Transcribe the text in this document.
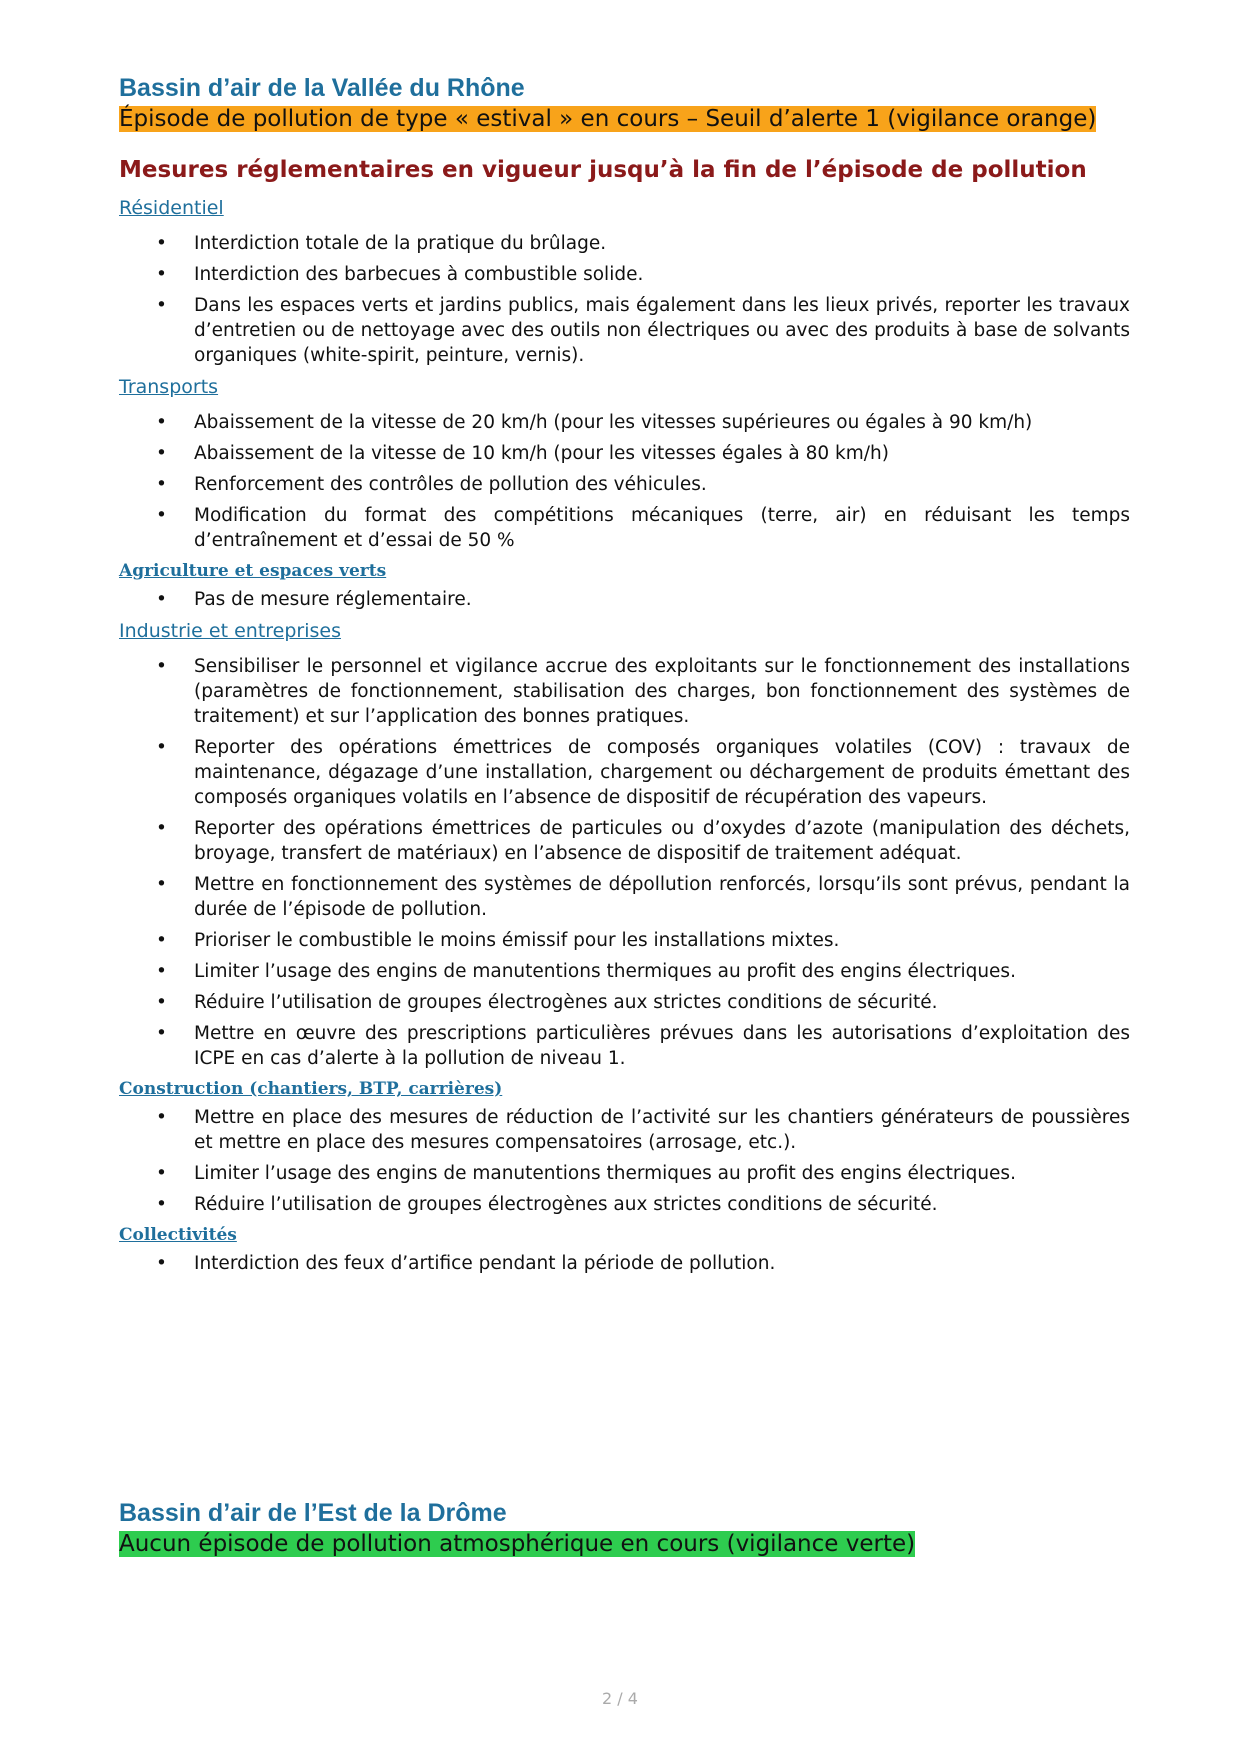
Bassin d’air de la Vallée du Rhône

Épisode de pollution de type « estival » en cours – Seuil d’alerte 1 (vigilance orange)

Mesures réglementaires en vigueur jusqu’à la fin de l’épisode de pollution

Résidentiel

• Interdiction totale de la pratique du brûlage.
• Interdiction des barbecues à combustible solide.
• Dans les espaces verts et jardins publics, mais également dans les lieux privés, reporter les travaux d’entretien ou de nettoyage avec des outils non électriques ou avec des produits à base de solvants organiques (white-spirit, peinture, vernis).

Transports

• Abaissement de la vitesse de 20 km/h (pour les vitesses supérieures ou égales à 90 km/h)
• Abaissement de la vitesse de 10 km/h (pour les vitesses égales à 80 km/h)
• Renforcement des contrôles de pollution des véhicules.
• Modification du format des compétitions mécaniques (terre, air) en réduisant les temps d’entraînement et d’essai de 50 %

Agriculture et espaces verts

• Pas de mesure réglementaire.

Industrie et entreprises

• Sensibiliser le personnel et vigilance accrue des exploitants sur le fonctionnement des installations (paramètres de fonctionnement, stabilisation des charges, bon fonctionnement des systèmes de traitement) et sur l’application des bonnes pratiques.
• Reporter des opérations émettrices de composés organiques volatiles (COV) : travaux de maintenance, dégazage d’une installation, chargement ou déchargement de produits émettant des composés organiques volatils en l’absence de dispositif de récupération des vapeurs.
• Reporter des opérations émettrices de particules ou d’oxydes d’azote (manipulation des déchets, broyage, transfert de matériaux) en l’absence de dispositif de traitement adéquat.
• Mettre en fonctionnement des systèmes de dépollution renforcés, lorsqu’ils sont prévus, pendant la durée de l’épisode de pollution.
• Prioriser le combustible le moins émissif pour les installations mixtes.
• Limiter l’usage des engins de manutentions thermiques au profit des engins électriques.
• Réduire l’utilisation de groupes électrogènes aux strictes conditions de sécurité.
• Mettre en œuvre des prescriptions particulières prévues dans les autorisations d’exploitation des ICPE en cas d’alerte à la pollution de niveau 1.

Construction (chantiers, BTP, carrières)

• Mettre en place des mesures de réduction de l’activité sur les chantiers générateurs de poussières et mettre en place des mesures compensatoires (arrosage, etc.).
• Limiter l’usage des engins de manutentions thermiques au profit des engins électriques.
• Réduire l’utilisation de groupes électrogènes aux strictes conditions de sécurité.

Collectivités

• Interdiction des feux d’artifice pendant la période de pollution.
Bassin d’air de l’Est de la Drôme

Aucun épisode de pollution atmosphérique en cours (vigilance verte)

2 / 4
